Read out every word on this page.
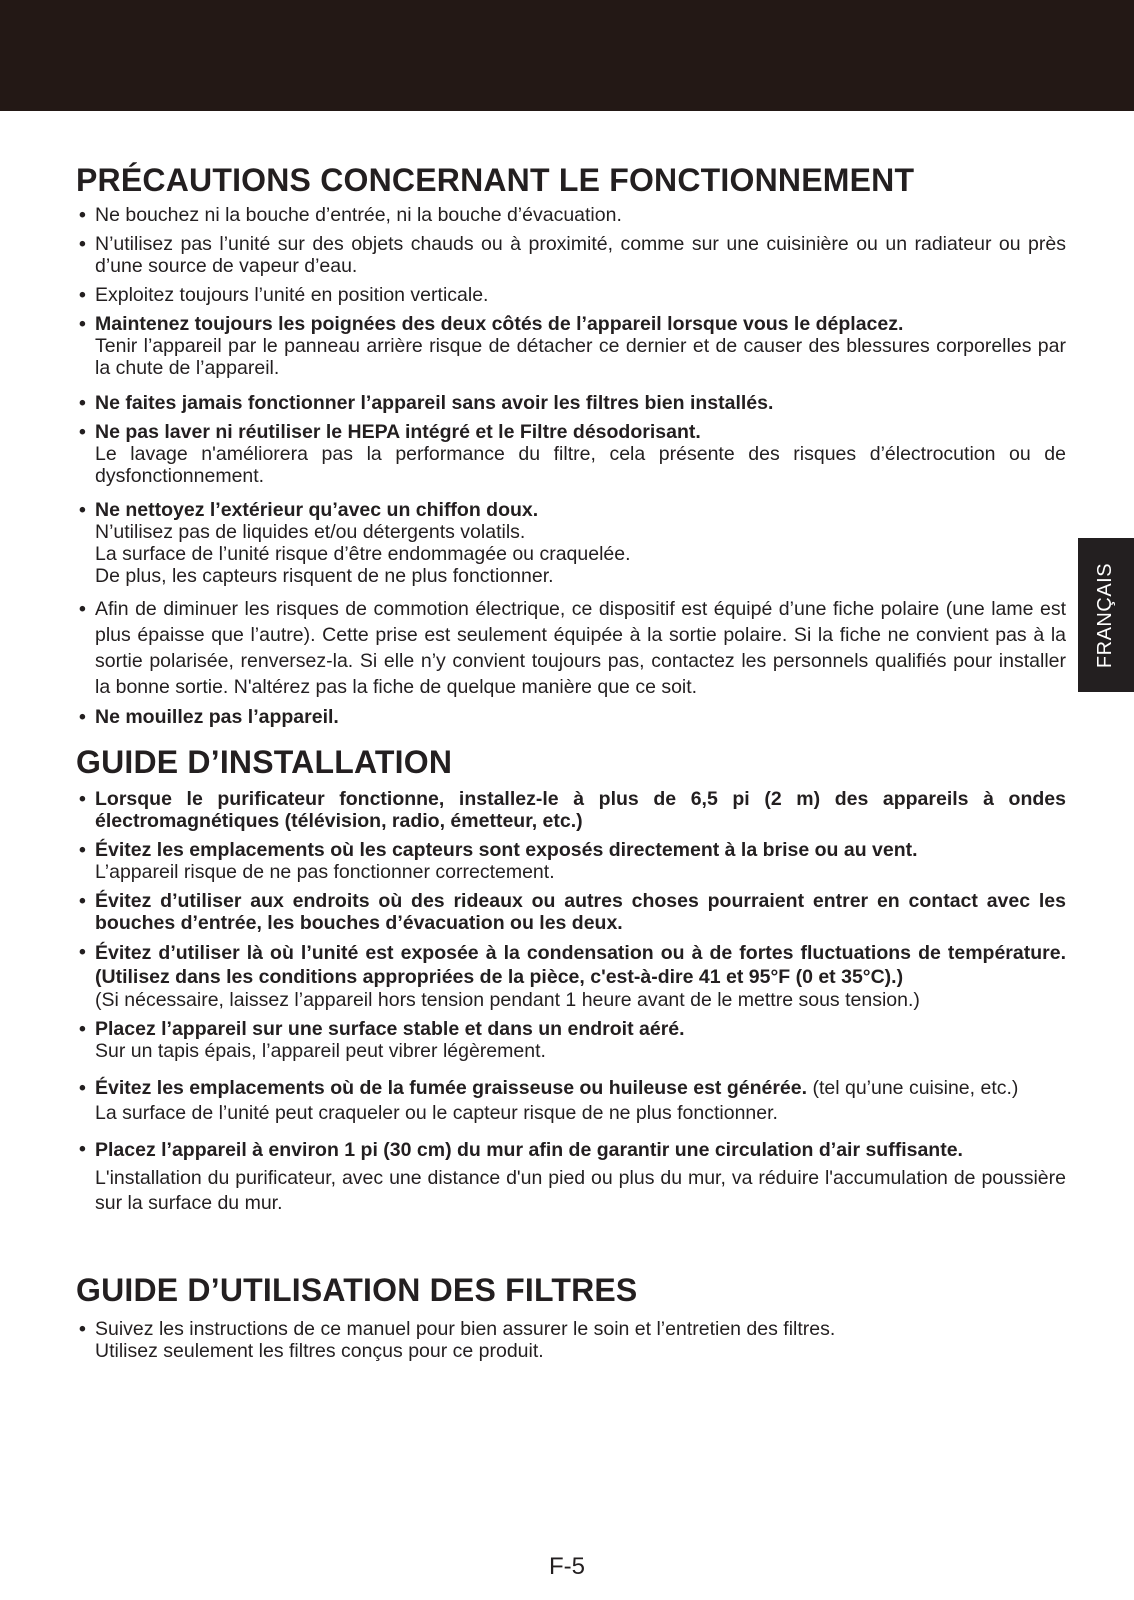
FRANÇAIS
PRÉCAUTIONS CONCERNANT LE FONCTIONNEMENT
• Ne bouchez ni la bouche d’entrée, ni la bouche d’évacuation.
• N’utilisez pas l’unité sur des objets chauds ou à proximité, comme sur une cuisinière ou un radiateur ou près d’une source de vapeur d’eau.
• Exploitez toujours l’unité en position verticale.
• Maintenez toujours les poignées des deux côtés de l’appareil lorsque vous le déplacez.
Tenir l’appareil par le panneau arrière risque de détacher ce dernier et de causer des blessures corporelles par la chute de l’appareil.
• Ne faites jamais fonctionner l’appareil sans avoir les filtres bien installés.
• Ne pas laver ni réutiliser le HEPA intégré et le Filtre désodorisant.
Le lavage n'améliorera pas la performance du filtre, cela présente des risques d’électrocution ou de dysfonctionnement.
• Ne nettoyez l’extérieur qu’avec un chiffon doux.
N’utilisez pas de liquides et/ou détergents volatils.
La surface de l’unité risque d’être endommagée ou craquelée.
De plus, les capteurs risquent de ne plus fonctionner.
• Afin de diminuer les risques de commotion électrique, ce dispositif est équipé d’une fiche polaire (une lame est plus épaisse que l’autre). Cette prise est seulement équipée à la sortie polaire. Si la fiche ne convient pas à la sortie polarisée, renversez-la. Si elle n’y convient toujours pas, contactez les personnels qualifiés pour installer la bonne sortie. N'altérez pas la fiche de quelque manière que ce soit.
• Ne mouillez pas l’appareil.
GUIDE D’INSTALLATION
• Lorsque le purificateur fonctionne, installez-le à plus de 6,5 pi (2 m) des appareils à ondes électromagnétiques (télévision, radio, émetteur, etc.)
• Évitez les emplacements où les capteurs sont exposés directement à la brise ou au vent.
L’appareil risque de ne pas fonctionner correctement.
• Évitez d’utiliser aux endroits où des rideaux ou autres choses pourraient entrer en contact avec les bouches d’entrée, les bouches d’évacuation ou les deux.
• Évitez d’utiliser là où l’unité est exposée à la condensation ou à de fortes fluctuations de température. (Utilisez dans les conditions appropriées de la pièce, c'est-à-dire 41 et 95°F (0 et 35°C).)
(Si nécessaire, laissez l’appareil hors tension pendant 1 heure avant de le mettre sous tension.)
• Placez l’appareil sur une surface stable et dans un endroit aéré.
Sur un tapis épais, l’appareil peut vibrer légèrement.
• Évitez les emplacements où de la fumée graisseuse ou huileuse est générée. (tel qu’une cuisine, etc.)
La surface de l’unité peut craqueler ou le capteur risque de ne plus fonctionner.
• Placez l’appareil à environ 1 pi (30 cm) du mur afin de garantir une circulation d’air suffisante.
L'installation du purificateur, avec une distance d'un pied ou plus du mur, va réduire l'accumulation de poussière sur la surface du mur.
GUIDE D’UTILISATION DES FILTRES
• Suivez les instructions de ce manuel pour bien assurer le soin et l’entretien des filtres.
Utilisez seulement les filtres conçus pour ce produit.
F-5
